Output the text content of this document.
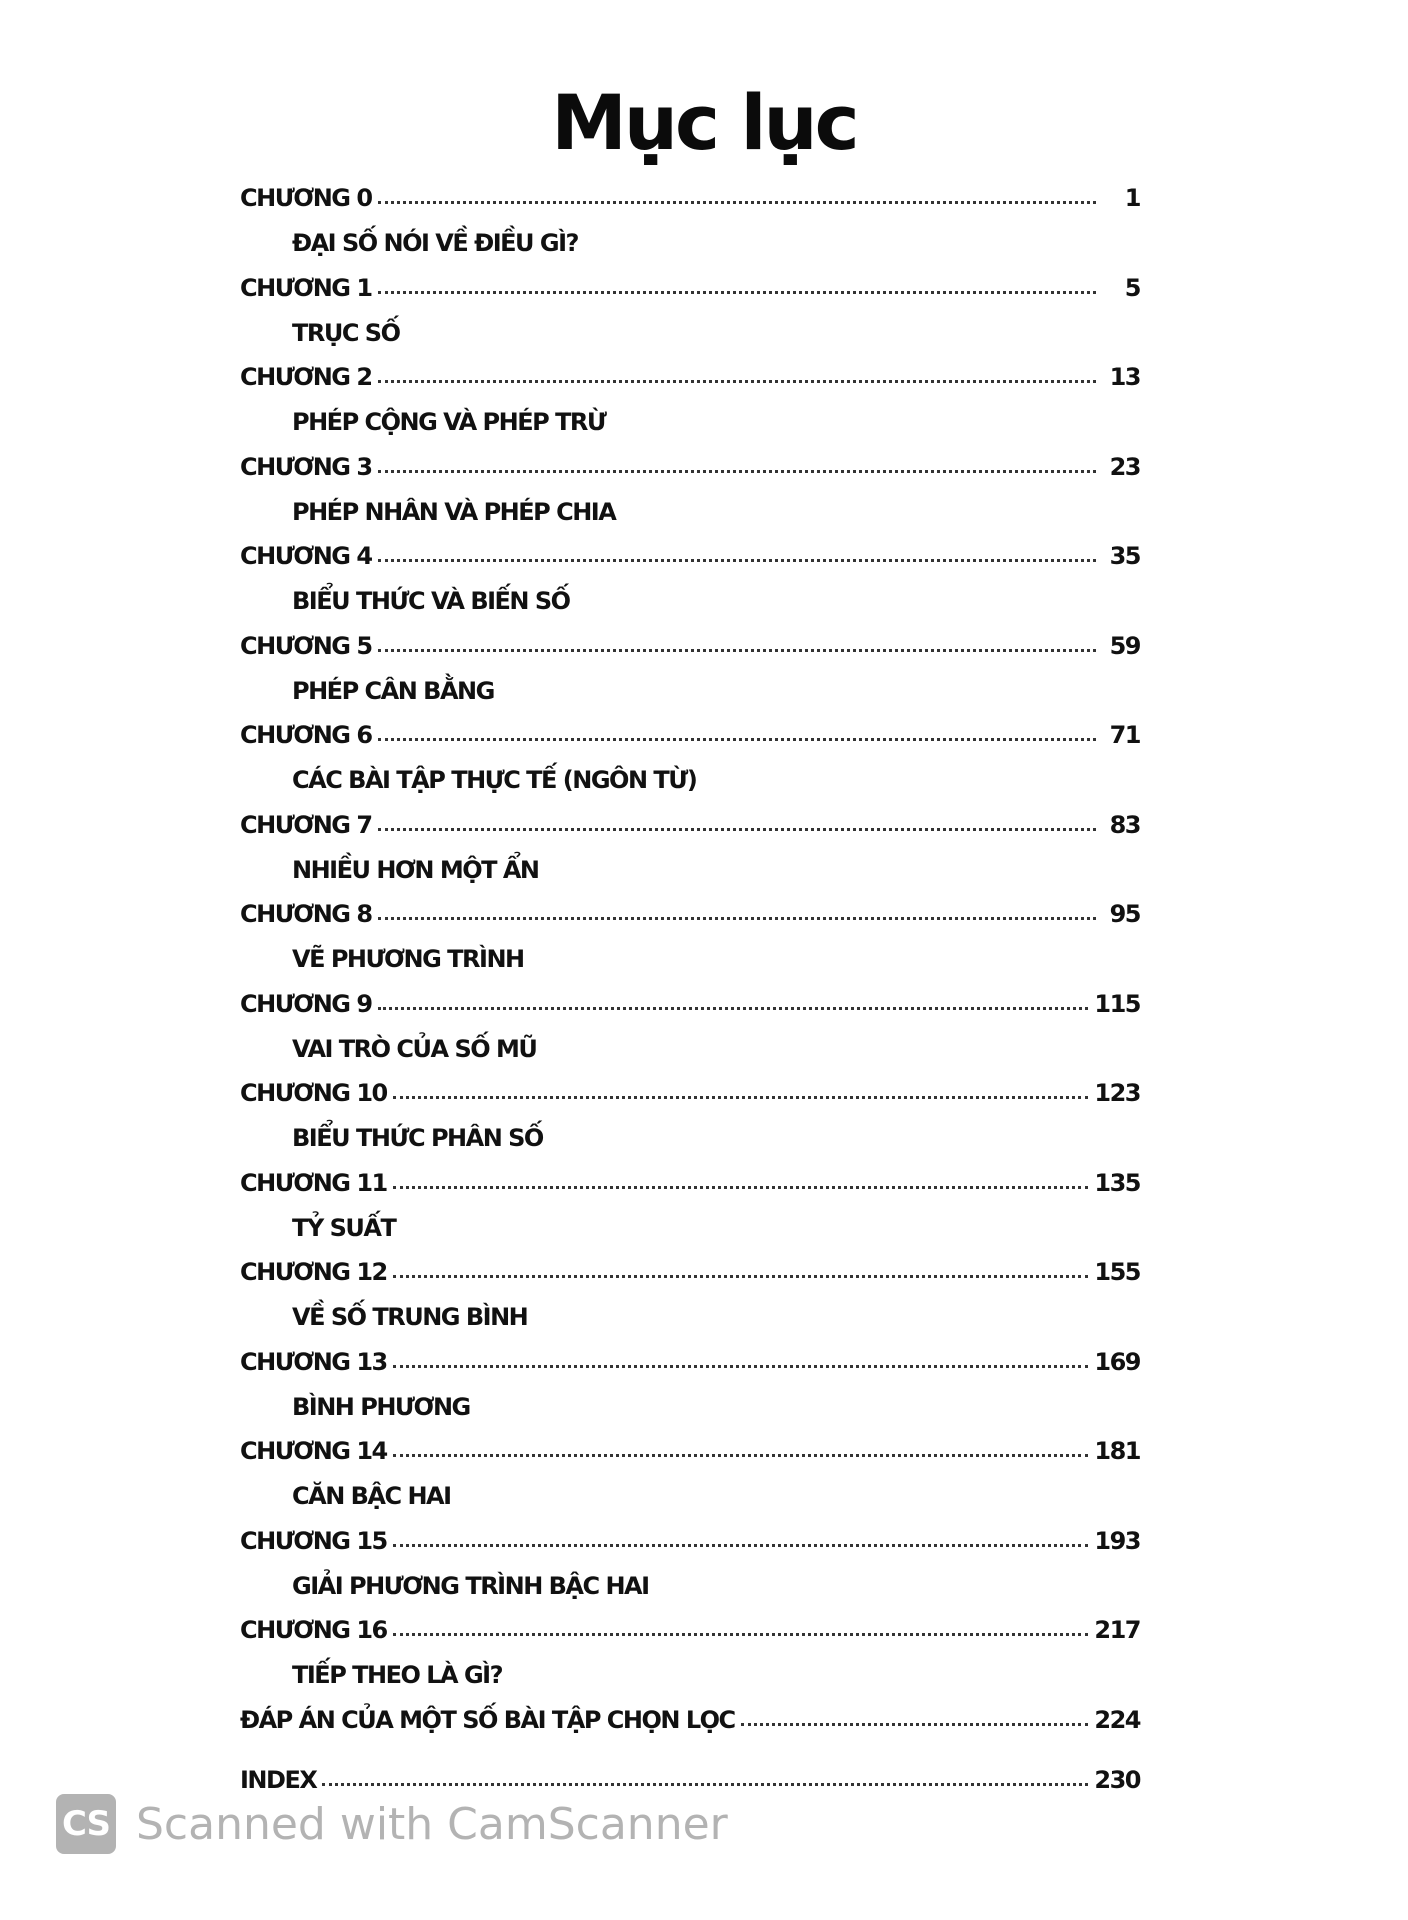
Mục lục
CHƯƠNG 0	1
ĐẠI SỐ NÓI VỀ ĐIỀU GÌ?
CHƯƠNG 1	5
TRỤC SỐ
CHƯƠNG 2	13
PHÉP CỘNG VÀ PHÉP TRỪ
CHƯƠNG 3	23
PHÉP NHÂN VÀ PHÉP CHIA
CHƯƠNG 4	35
BIỂU THỨC VÀ BIẾN SỐ
CHƯƠNG 5	59
PHÉP CÂN BẰNG
CHƯƠNG 6	71
CÁC BÀI TẬP THỰC TẾ (NGÔN TỪ)
CHƯƠNG 7	83
NHIỀU HƠN MỘT ẨN
CHƯƠNG 8	95
VẼ PHƯƠNG TRÌNH
CHƯƠNG 9	115
VAI TRÒ CỦA SỐ MŨ
CHƯƠNG 10	123
BIỂU THỨC PHÂN SỐ
CHƯƠNG 11	135
TỶ SUẤT
CHƯƠNG 12	155
VỀ SỐ TRUNG BÌNH
CHƯƠNG 13	169
BÌNH PHƯƠNG
CHƯƠNG 14	181
CĂN BẬC HAI
CHƯƠNG 15	193
GIẢI PHƯƠNG TRÌNH BẬC HAI
CHƯƠNG 16	217
TIẾP THEO LÀ GÌ?
ĐÁP ÁN CỦA MỘT SỐ BÀI TẬP CHỌN LỌC	224
INDEX	230
CS Scanned with CamScanner
